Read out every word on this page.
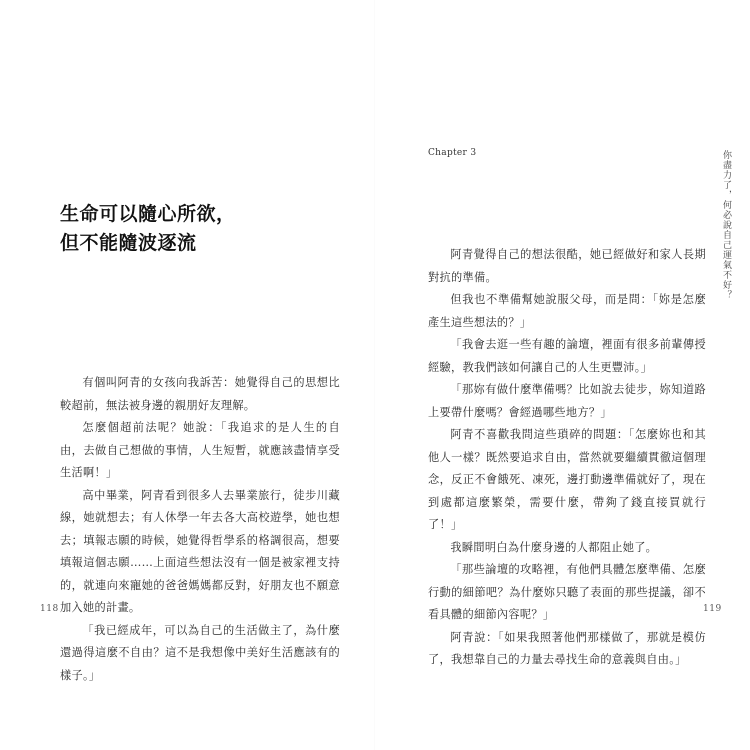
生命可以隨心所欲，
但不能隨波逐流

有個叫阿青的女孩向我訴苦：她覺得自己的思想比較超前，無法被身邊的親朋好友理解。

怎麼個超前法呢？她說：「我追求的是人生的自由，去做自己想做的事情，人生短暫，就應該盡情享受生活啊！」

高中畢業，阿青看到很多人去畢業旅行，徒步川藏線，她就想去；有人休學一年去各大高校遊學，她也想去；填報志願的時候，她覺得哲學系的格調很高，想要填報這個志願……上面這些想法沒有一個是被家裡支持的，就連向來寵她的爸爸媽媽都反對，好朋友也不願意加入她的計畫。

「我已經成年，可以為自己的生活做主了，為什麼還過得這麼不自由？這不是我想像中美好生活應該有的樣子。」

118
Chapter 3	你盡力了，何必說自己運氣不好？

阿青覺得自己的想法很酷，她已經做好和家人長期對抗的準備。

但我也不準備幫她說服父母，而是問：「妳是怎麼產生這些想法的？」

「我會去逛一些有趣的論壇，裡面有很多前輩傳授經驗，教我們該如何讓自己的人生更豐沛。」

「那妳有做什麼準備嗎？比如說去徒步，妳知道路上要帶什麼嗎？會經過哪些地方？」

阿青不喜歡我問這些瑣碎的問題：「怎麼妳也和其他人一樣？既然要追求自由，當然就要繼續貫徹這個理念，反正不會餓死、凍死，邊打動邊準備就好了，現在到處都這麼繁榮，需要什麼，帶夠了錢直接買就行了！」

我瞬間明白為什麼身邊的人都阻止她了。

「那些論壇的攻略裡，有他們具體怎麼準備、怎麼行動的細節吧？為什麼妳只聽了表面的那些提議，卻不看具體的細節內容呢？」

阿青說：「如果我照著他們那樣做了，那就是模仿了，我想靠自己的力量去尋找生命的意義與自由。」

119
